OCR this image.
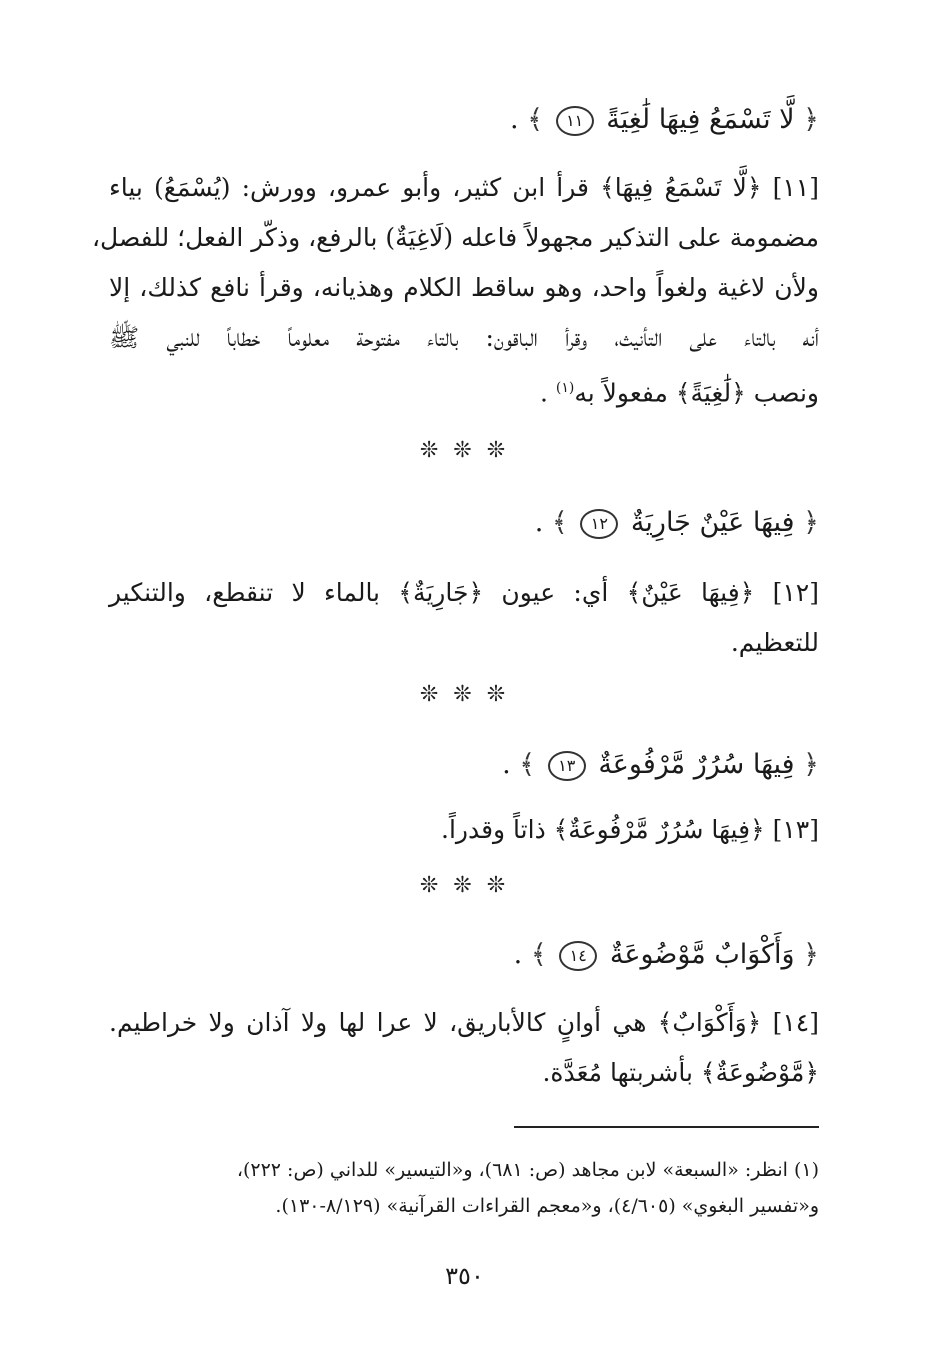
﴿ لَّا تَسْمَعُ فِيهَا لَٰغِيَةً ١١ ﴾ .
[١١] ﴿لَّا تَسْمَعُ فِيهَا﴾ قرأ ابن كثير، وأبو عمرو، وورش: (يُسْمَعُ) بياء
مضمومة على التذكير مجهولاً فاعله (لَاغِيَةٌ) بالرفع، وذكّر الفعل؛ للفصل،
ولأن لاغية ولغواً واحد، وهو ساقط الكلام وهذيانه، وقرأ نافع كذلك، إلا
أنه بالتاء على التأنيث، وقرأ الباقون: بالتاء مفتوحة معلوماً خطاباً للنبي ﷺ
ونصب ﴿لَٰغِيَةً﴾ مفعولاً به$^{(١)}$ .
❊ ❊ ❊
﴿ فِيهَا عَيْنٌ جَارِيَةٌ ١٢ ﴾ .
[١٢] ﴿فِيهَا عَيْنٌ﴾ أي: عيون ﴿جَارِيَةٌ﴾ بالماء لا تنقطع، والتنكير
للتعظيم.
❊ ❊ ❊
﴿ فِيهَا سُرُرٌ مَّرْفُوعَةٌ ١٣ ﴾ .
[١٣] ﴿فِيهَا سُرُرٌ مَّرْفُوعَةٌ﴾ ذاتاً وقدراً.
❊ ❊ ❊
﴿ وَأَكْوَابٌ مَّوْضُوعَةٌ ١٤ ﴾ .
[١٤] ﴿وَأَكْوَابٌ﴾ هي أوانٍ كالأباريق، لا عرا لها ولا آذان ولا خراطيم.
﴿مَّوْضُوعَةٌ﴾ بأشربتها مُعَدَّة.
(١) انظر: «السبعة» لابن مجاهد (ص: ٦٨١)، و«التيسير» للداني (ص: ٢٢٢)،
و«تفسير البغوي» (٤/٦٠٥)، و«معجم القراءات القرآنية» (٨/١٢٩-١٣٠).
٣٥٠
